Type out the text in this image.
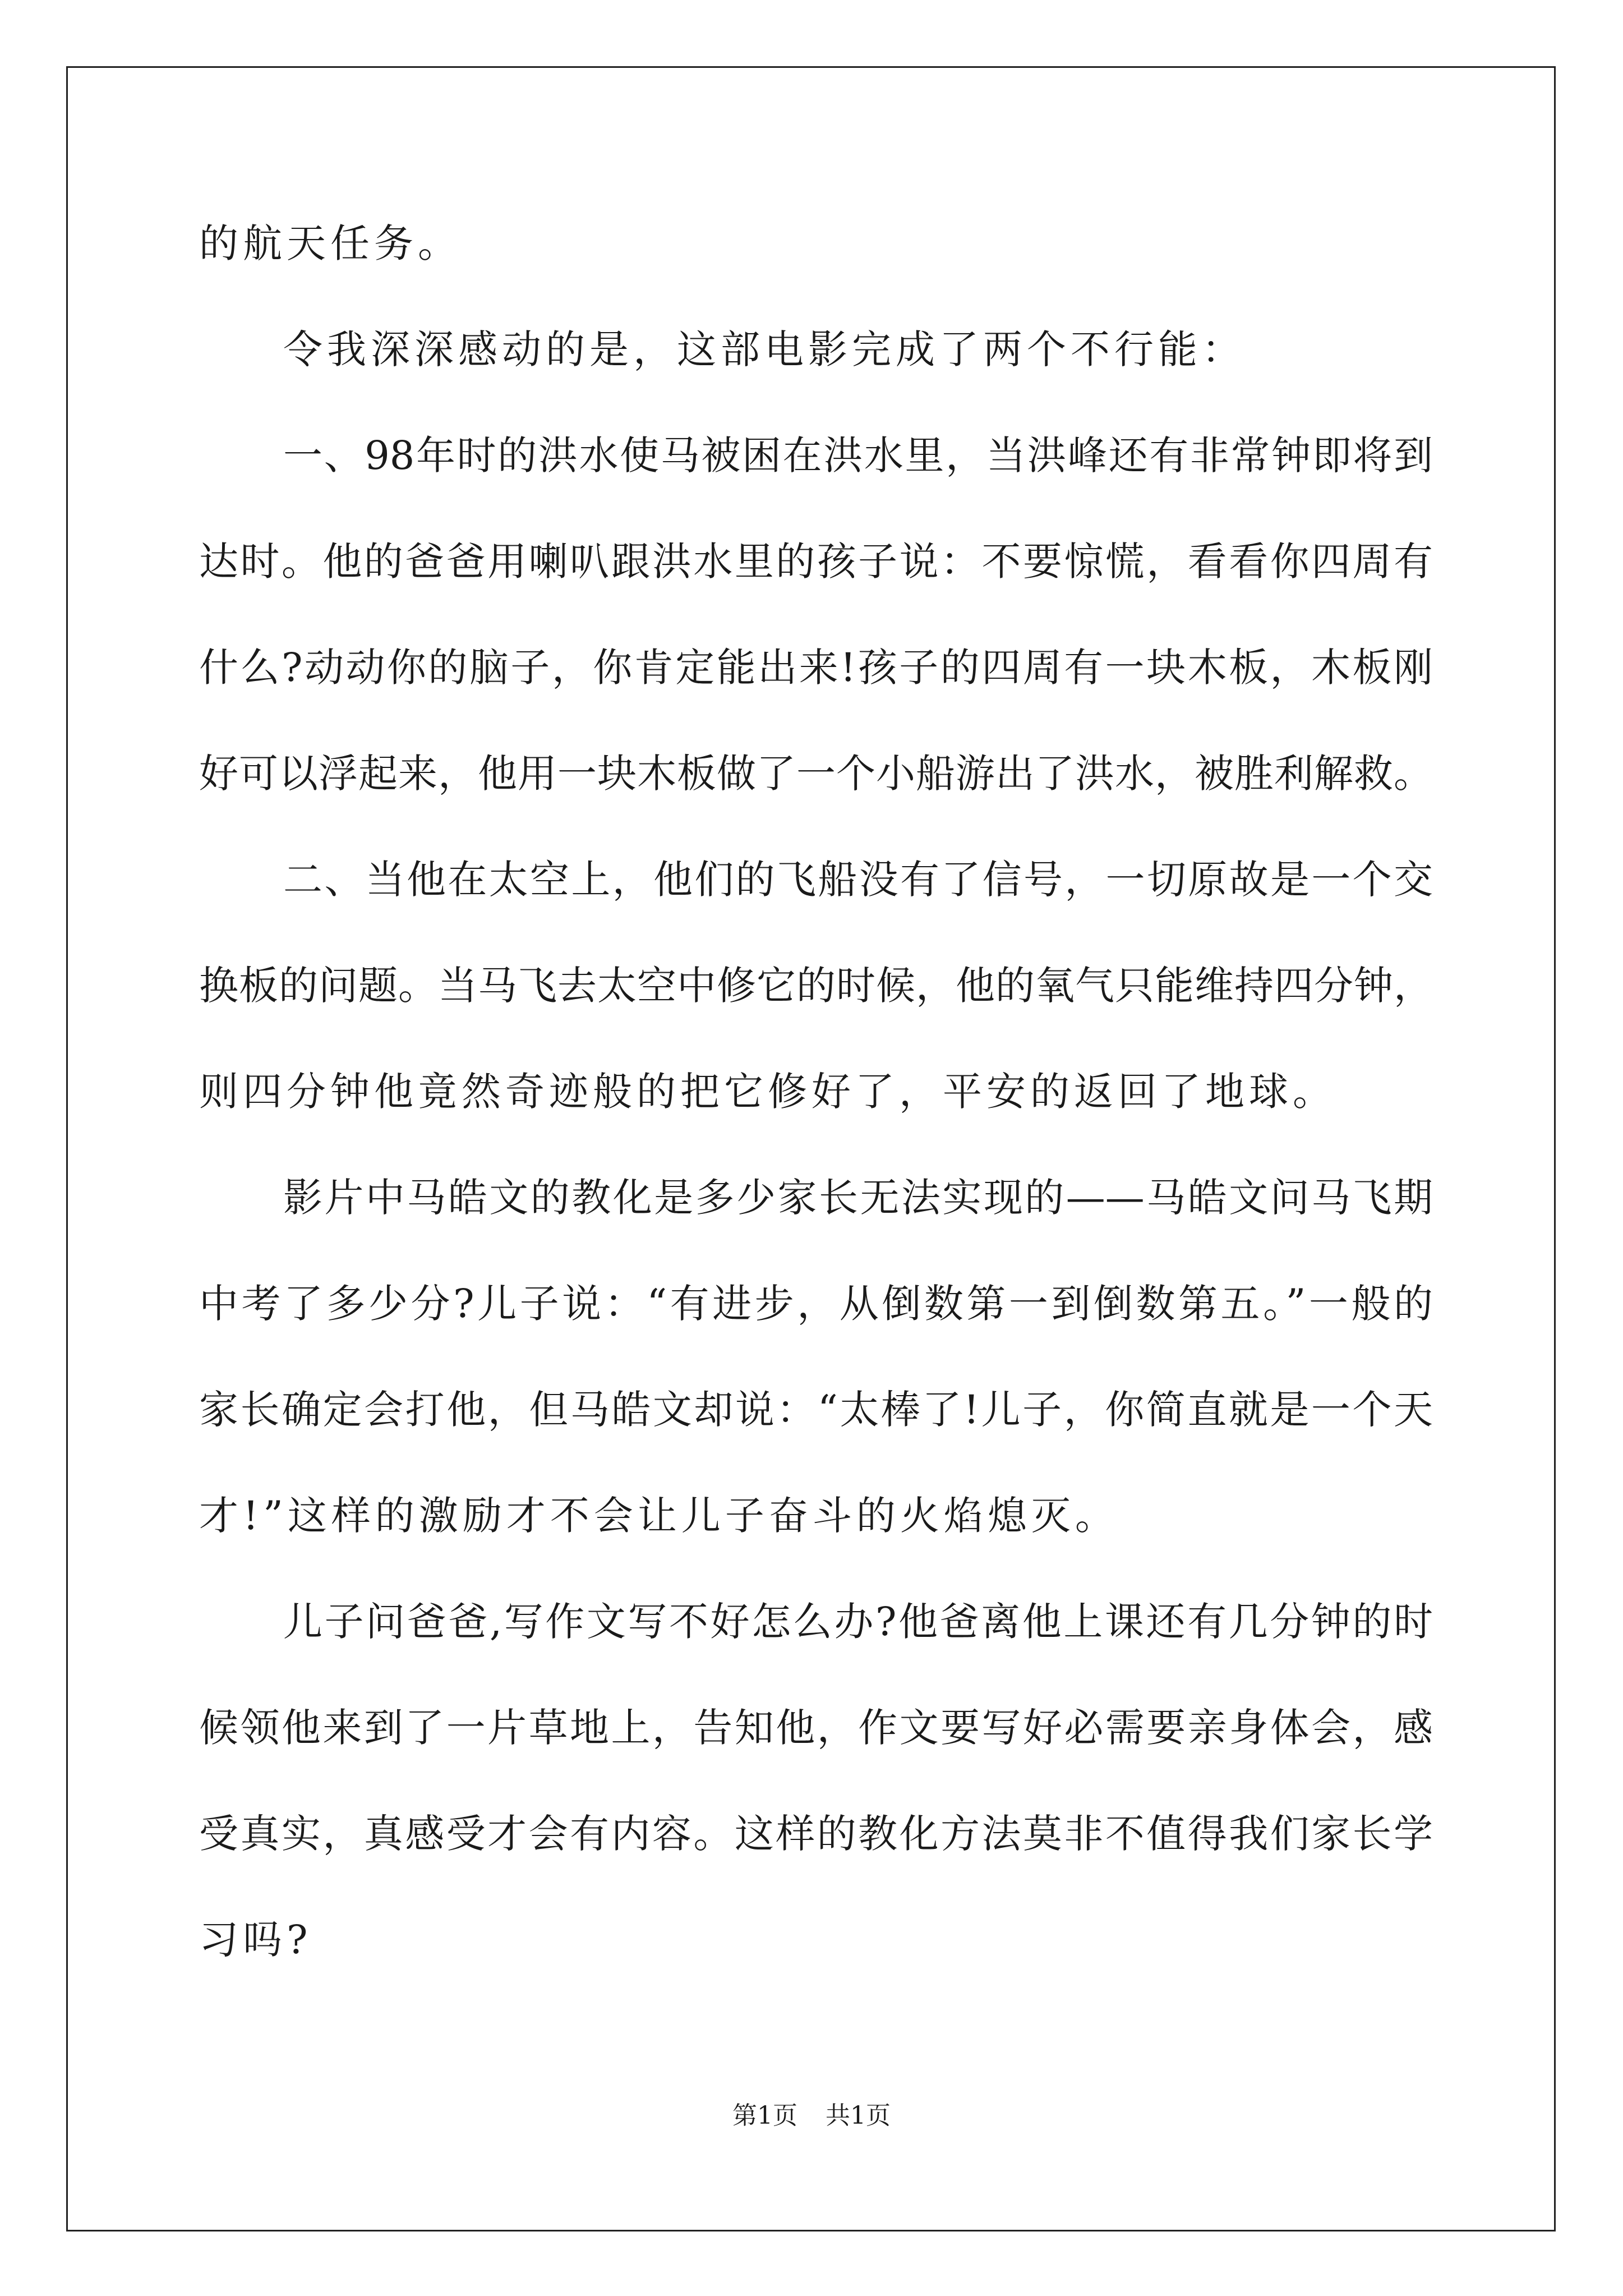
的航天任务。
令我深深感动的是，这部电影完成了两个不行能：
一、98年时的洪水使马被困在洪水里，当洪峰还有非常钟即将到
达时。他的爸爸用喇叭跟洪水里的孩子说：不要惊慌，看看你四周有
什么?动动你的脑子，你肯定能出来!孩子的四周有一块木板，木板刚
好可以浮起来，他用一块木板做了一个小船游出了洪水，被胜利解救。
二、当他在太空上，他们的飞船没有了信号，一切原故是一个交
换板的问题。当马飞去太空中修它的时候，他的氧气只能维持四分钟，
则四分钟他竟然奇迹般的把它修好了，平安的返回了地球。
影片中马皓文的教化是多少家长无法实现的——马皓文问马飞期
中考了多少分?儿子说：“有进步，从倒数第一到倒数第五。”一般的
家长确定会打他，但马皓文却说：“太棒了!儿子，你简直就是一个天
才!”这样的激励才不会让儿子奋斗的火焰熄灭。
儿子问爸爸,写作文写不好怎么办?他爸离他上课还有几分钟的时
候领他来到了一片草地上，告知他，作文要写好必需要亲身体会，感
受真实，真感受才会有内容。这样的教化方法莫非不值得我们家长学
习吗?
第1页 共1页
